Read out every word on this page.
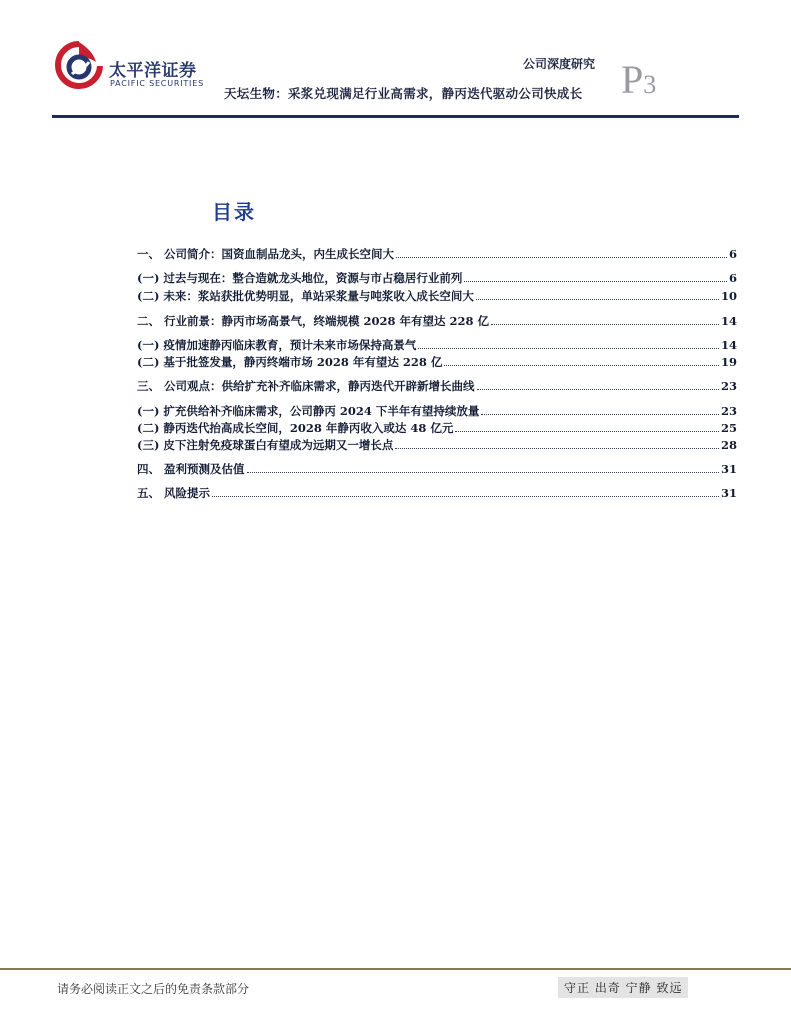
太平洋证券
PACIFIC SECURITIES
公司深度研究 P3
天坛生物：采浆兑现满足行业高需求，静丙迭代驱动公司快成长
目录
一、 公司简介：国资血制品龙头，内生成长空间大	6
(一) 过去与现在：整合造就龙头地位，资源与市占稳居行业前列	6
(二) 未来：浆站获批优势明显，单站采浆量与吨浆收入成长空间大	10
二、 行业前景：静丙市场高景气，终端规模 2028 年有望达 228 亿	14
(一) 疫情加速静丙临床教育，预计未来市场保持高景气	14
(二) 基于批签发量，静丙终端市场 2028 年有望达 228 亿	19
三、 公司观点：供给扩充补齐临床需求，静丙迭代开辟新增长曲线	23
(一) 扩充供给补齐临床需求，公司静丙 2024 下半年有望持续放量	23
(二) 静丙迭代抬高成长空间，2028 年静丙收入或达 48 亿元	25
(三) 皮下注射免疫球蛋白有望成为远期又一增长点	28
四、 盈利预测及估值	31
五、 风险提示	31
请务必阅读正文之后的免责条款部分	守正 出奇 宁静 致远
